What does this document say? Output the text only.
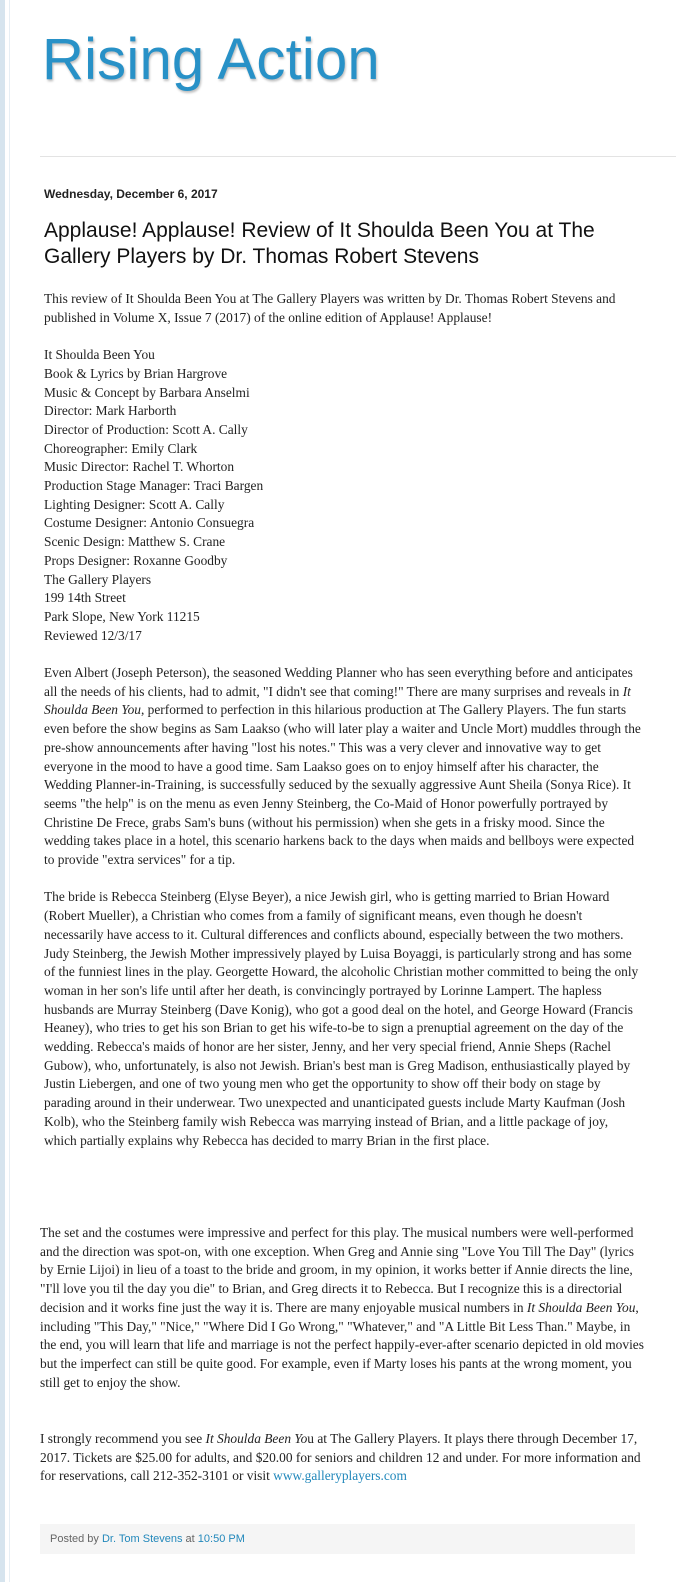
Rising Action
Wednesday, December 6, 2017
Applause! Applause! Review of It Shoulda Been You at The Gallery Players by Dr. Thomas Robert Stevens

This review of It Shoulda Been You at The Gallery Players was written by Dr. Thomas Robert Stevens and published in Volume X, Issue 7 (2017) of the online edition of Applause! Applause!

It Shoulda Been You
Book & Lyrics by Brian Hargrove
Music & Concept by Barbara Anselmi
Director: Mark Harborth
Director of Production: Scott A. Cally
Choreographer: Emily Clark
Music Director: Rachel T. Whorton
Production Stage Manager: Traci Bargen
Lighting Designer: Scott A. Cally
Costume Designer: Antonio Consuegra
Scenic Design: Matthew S. Crane
Props Designer: Roxanne Goodby
The Gallery Players
199 14th Street
Park Slope, New York 11215
Reviewed 12/3/17

Even Albert (Joseph Peterson), the seasoned Wedding Planner who has seen everything before and anticipates all the needs of his clients, had to admit, "I didn't see that coming!" There are many surprises and reveals in It Shoulda Been You, performed to perfection in this hilarious production at The Gallery Players. The fun starts even before the show begins as Sam Laakso (who will later play a waiter and Uncle Mort) muddles through the pre-show announcements after having "lost his notes." This was a very clever and innovative way to get everyone in the mood to have a good time. Sam Laakso goes on to enjoy himself after his character, the Wedding Planner-in-Training, is successfully seduced by the sexually aggressive Aunt Sheila (Sonya Rice). It seems "the help" is on the menu as even Jenny Steinberg, the Co-Maid of Honor powerfully portrayed by Christine De Frece, grabs Sam's buns (without his permission) when she gets in a frisky mood. Since the wedding takes place in a hotel, this scenario harkens back to the days when maids and bellboys were expected to provide "extra services" for a tip.

The bride is Rebecca Steinberg (Elyse Beyer), a nice Jewish girl, who is getting married to Brian Howard (Robert Mueller), a Christian who comes from a family of significant means, even though he doesn't necessarily have access to it. Cultural differences and conflicts abound, especially between the two mothers. Judy Steinberg, the Jewish Mother impressively played by Luisa Boyaggi, is particularly strong and has some of the funniest lines in the play. Georgette Howard, the alcoholic Christian mother committed to being the only woman in her son's life until after her death, is convincingly portrayed by Lorinne Lampert. The hapless husbands are Murray Steinberg (Dave Konig), who got a good deal on the hotel, and George Howard (Francis Heaney), who tries to get his son Brian to get his wife-to-be to sign a prenuptial agreement on the day of the wedding. Rebecca's maids of honor are her sister, Jenny, and her very special friend, Annie Sheps (Rachel Gubow), who, unfortunately, is also not Jewish. Brian's best man is Greg Madison, enthusiastically played by Justin Liebergen, and one of two young men who get the opportunity to show off their body on stage by parading around in their underwear. Two unexpected and unanticipated guests include Marty Kaufman (Josh Kolb), who the Steinberg family wish Rebecca was marrying instead of Brian, and a little package of joy, which partially explains why Rebecca has decided to marry Brian in the first place.

The set and the costumes were impressive and perfect for this play. The musical numbers were well-performed and the direction was spot-on, with one exception. When Greg and Annie sing "Love You Till The Day" (lyrics by Ernie Lijoi) in lieu of a toast to the bride and groom, in my opinion, it works better if Annie directs the line, "I'll love you til the day you die" to Brian, and Greg directs it to Rebecca. But I recognize this is a directorial decision and it works fine just the way it is. There are many enjoyable musical numbers in It Shoulda Been You, including "This Day," "Nice," "Where Did I Go Wrong," "Whatever," and "A Little Bit Less Than." Maybe, in the end, you will learn that life and marriage is not the perfect happily-ever-after scenario depicted in old movies but the imperfect can still be quite good. For example, even if Marty loses his pants at the wrong moment, you still get to enjoy the show.

I strongly recommend you see It Shoulda Been You at The Gallery Players. It plays there through December 17, 2017. Tickets are $25.00 for adults, and $20.00 for seniors and children 12 and under. For more information and for reservations, call 212-352-3101 or visit www.galleryplayers.com

Posted by Dr. Tom Stevens at 10:50 PM
